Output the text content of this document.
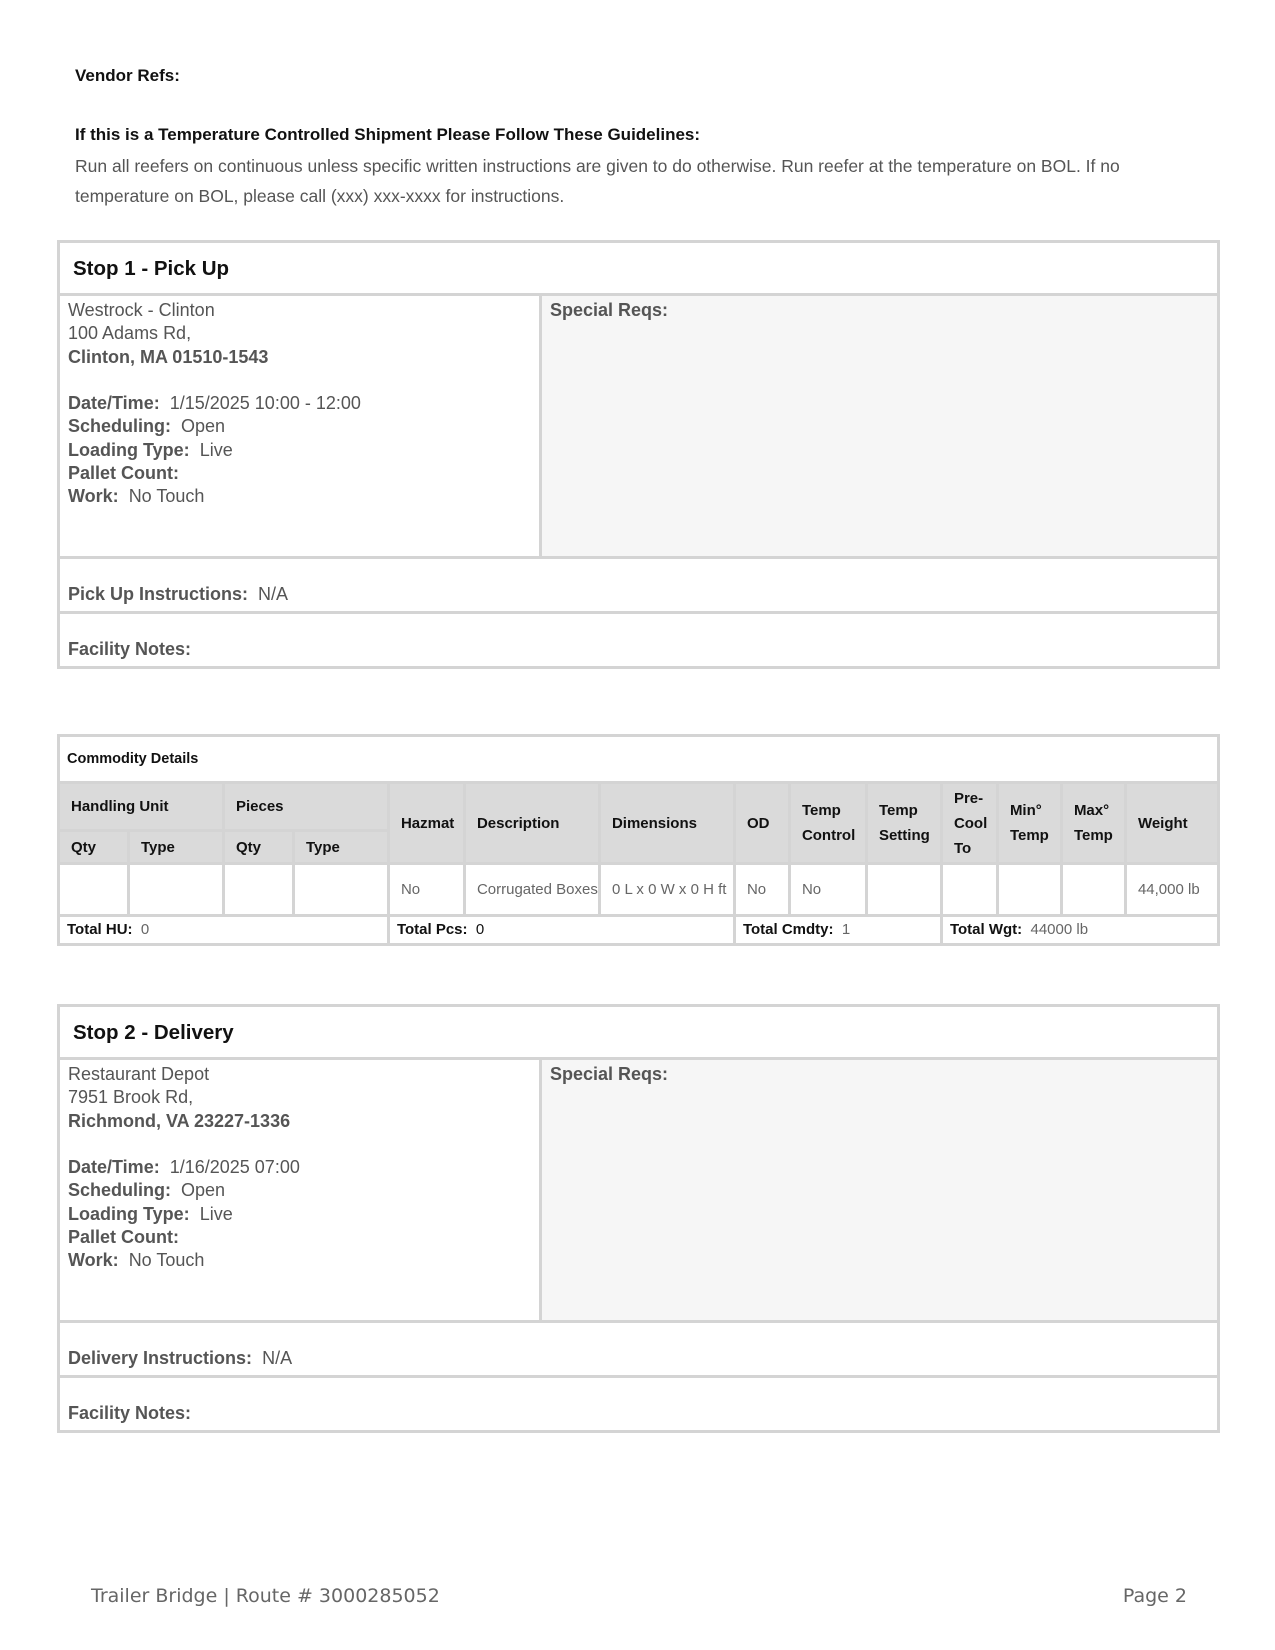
Vendor Refs:
If this is a Temperature Controlled Shipment Please Follow These Guidelines:
Run all reefers on continuous unless specific written instructions are given to do otherwise. Run reefer at the temperature on BOL. If no temperature on BOL, please call (xxx) xxx-xxxx for instructions.
Stop 1 - Pick Up
Westrock - Clinton
100 Adams Rd,
Clinton, MA 01510-1543
Date/Time: 1/15/2025 10:00 - 12:00
Scheduling: Open
Loading Type: Live
Pallet Count:
Work: No Touch
Special Reqs:
Pick Up Instructions: N/A
Facility Notes:
Commodity Details													
Handling Unit		Pieces		Hazmat	Description	Dimensions	OD	Temp Control	Temp Setting	Pre-Cool To	Min° Temp	Max° Temp	Weight
Qty	Type	Qty	Type										
				No	Corrugated Boxes	0 L x 0 W x 0 H ft	No	No					44,000 lb
Total HU: 0				Total Pcs: 0			Total Cmdty: 1			Total Wgt: 44000 lb			
Stop 2 - Delivery
Restaurant Depot
7951 Brook Rd,
Richmond, VA 23227-1336
Date/Time: 1/16/2025 07:00
Scheduling: Open
Loading Type: Live
Pallet Count:
Work: No Touch
Special Reqs:
Delivery Instructions: N/A
Facility Notes:
Trailer Bridge | Route # 3000285052	Page 2
